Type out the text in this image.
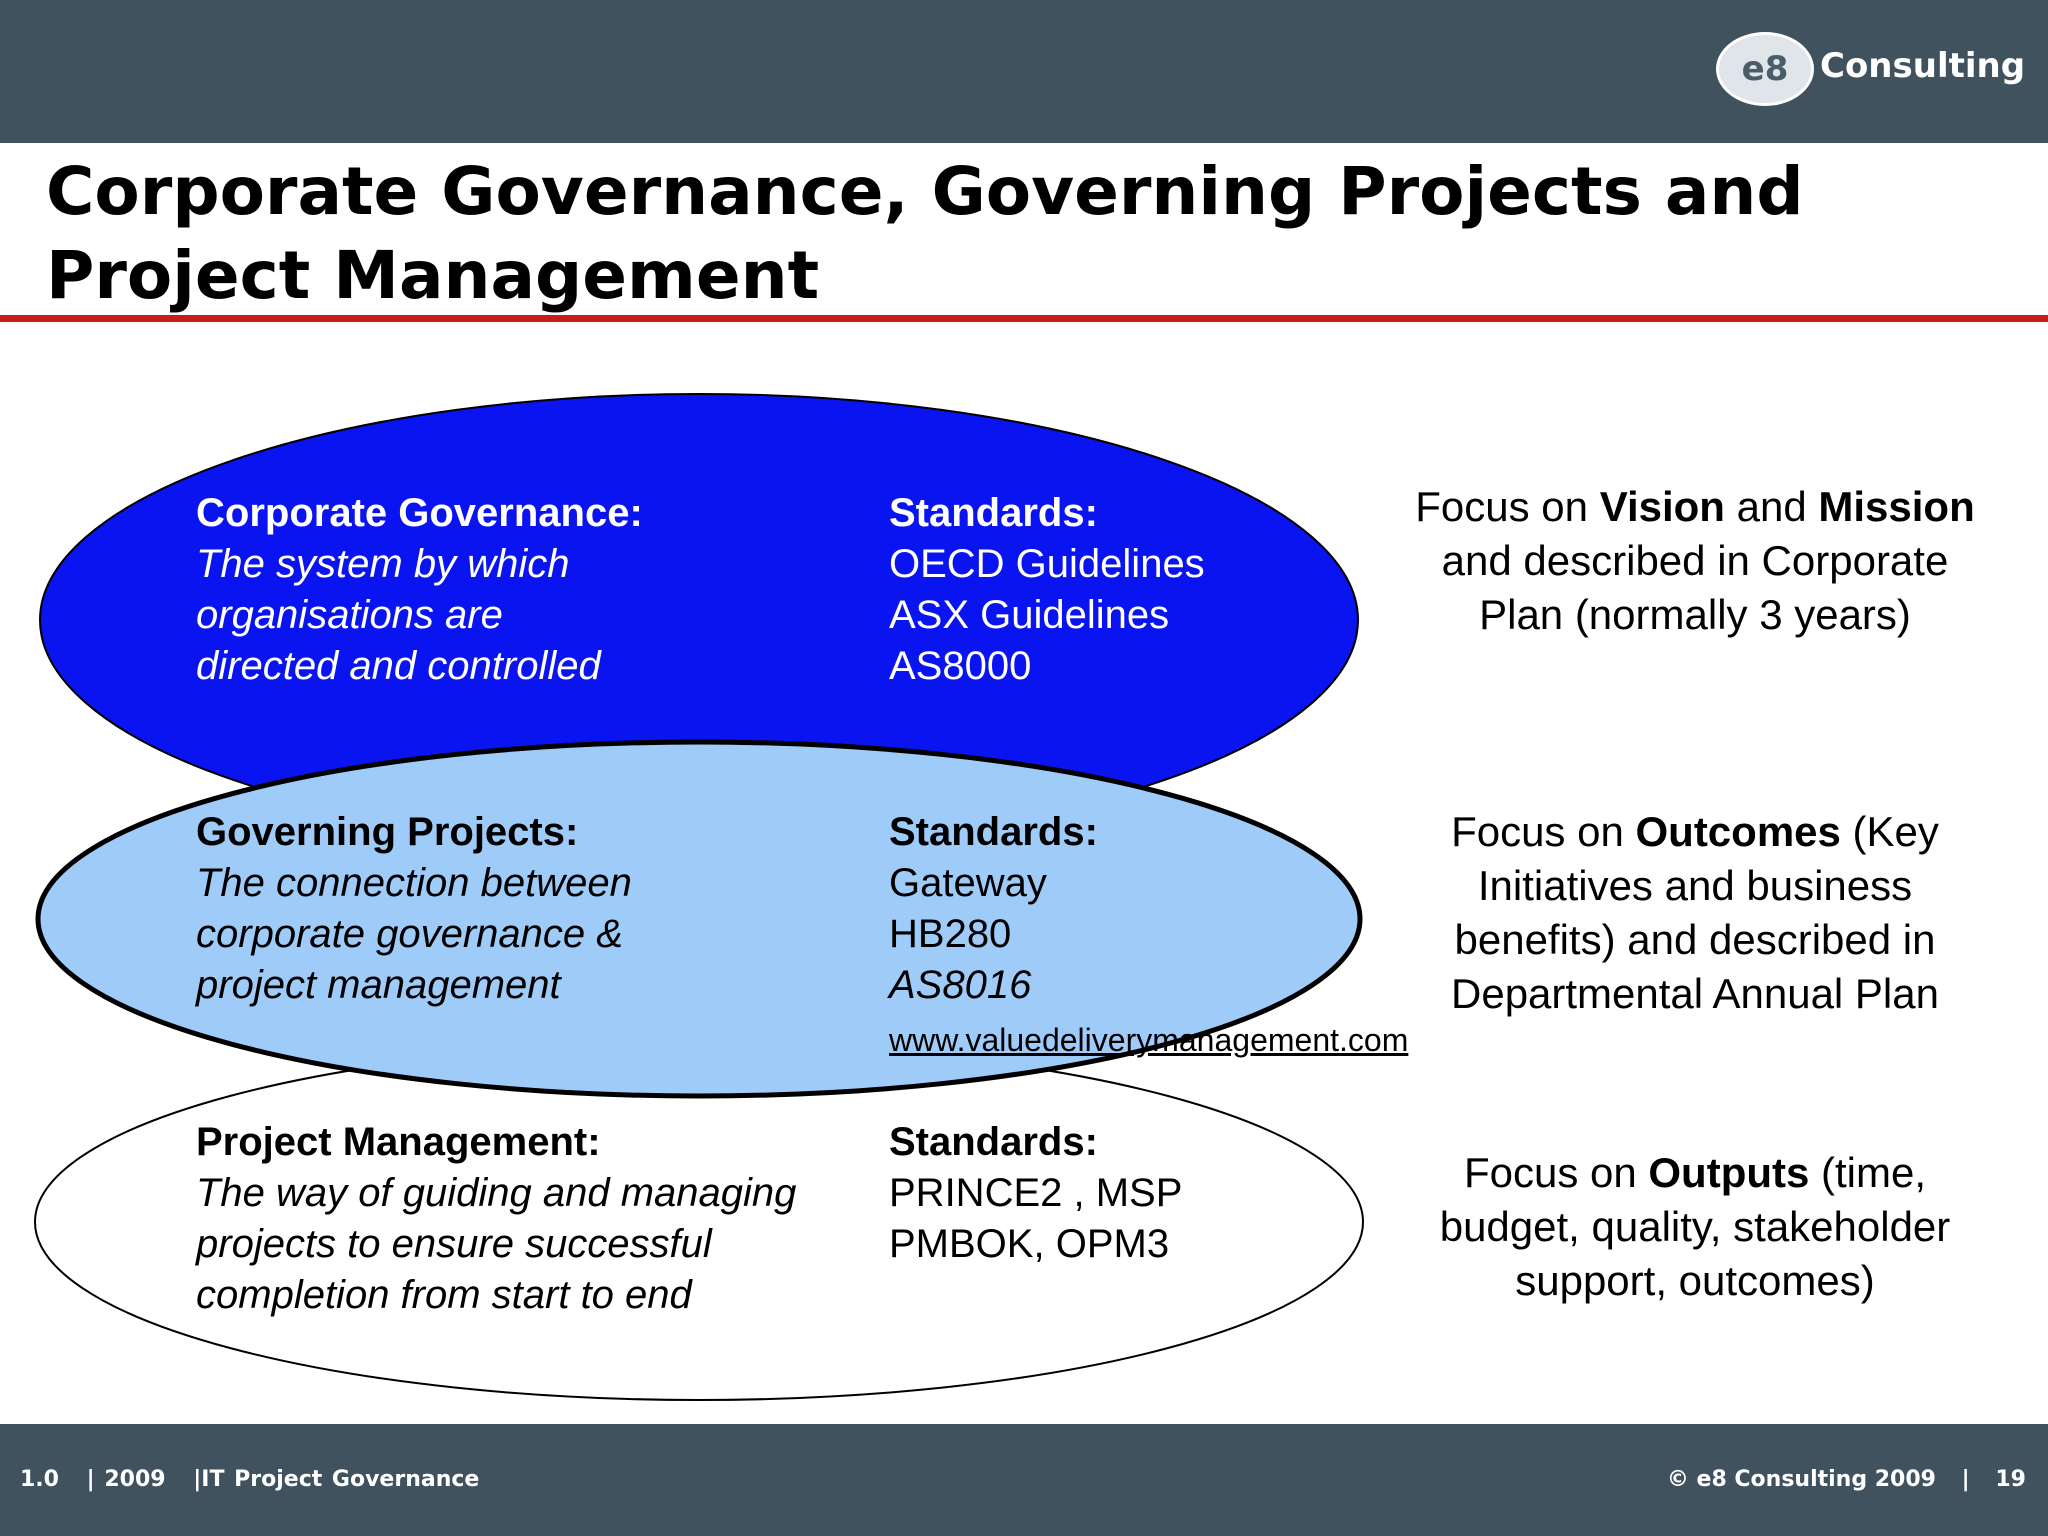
e8 Consulting
Corporate Governance, Governing Projects and
Project Management
Corporate Governance:
The system by which
organisations are
directed and controlled
Standards:
OECD Guidelines
ASX Guidelines
AS8000
Focus on Vision and Mission
and described in Corporate
Plan (normally 3 years)
Governing Projects:
The connection between
corporate governance &
project management
Standards:
Gateway
HB280
AS8016
www.valuedeliverymanagement.com
Focus on Outcomes (Key
Initiatives and business
benefits) and described in
Departmental Annual Plan
Project Management:
The way of guiding and managing
projects to ensure successful
completion from start to end
Standards:
PRINCE2 , MSP
PMBOK, OPM3
Focus on Outputs (time,
budget, quality, stakeholder
support, outcomes)
1.0 | 2009 |IT Project Governance	© e8 Consulting 2009 | 19
